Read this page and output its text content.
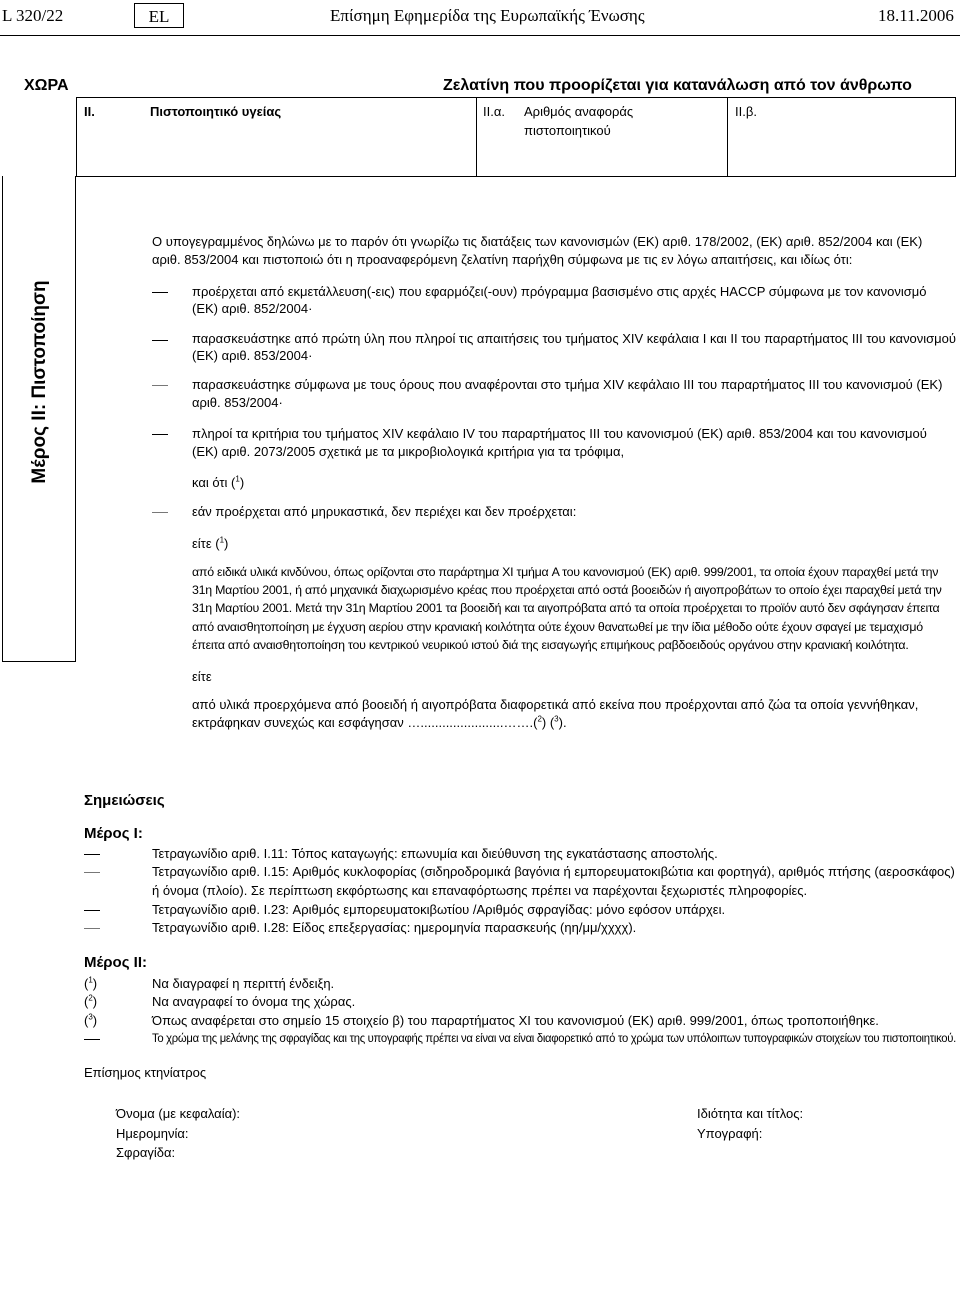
L 320/22	EL	Επίσημη Εφημερίδα της Ευρωπαϊκής Ένωσης	18.11.2006
ΧΩΡΑ	Ζελατίνη που προορίζεται για κατανάλωση από τον άνθρωπο
II.	Πιστοποιητικό υγείας	II.α. Αριθμός αναφοράς
πιστοποιητικού
II.β.
Μέρος II: Πιστοποίηση
Ο υπογεγραμμένος δηλώνω με το παρόν ότι γνωρίζω τις διατάξεις των κανονισμών (ΕΚ) αριθ. 178/2002, (ΕΚ) αριθ. 852/2004 και (ΕΚ)
αριθ. 853/2004 και πιστοποιώ ότι η προαναφερόμενη ζελατίνη παρήχθη σύμφωνα με τις εν λόγω απαιτήσεις, και ιδίως ότι:
προέρχεται από εκμετάλλευση(-εις) που εφαρμόζει(-ουν) πρόγραμμα βασισμένο στις αρχές HACCP σύμφωνα με τον κανονισμό
(ΕΚ) αριθ. 852/2004·
παρασκευάστηκε από πρώτη ύλη που πληροί τις απαιτήσεις του τμήματος XIV κεφάλαια I και II του παραρτήματος III του κανονισμού
(ΕΚ) αριθ. 853/2004·
παρασκευάστηκε σύμφωνα με τους όρους που αναφέρονται στο τμήμα XIV κεφάλαιο III του παραρτήματος III του κανονισμού (ΕΚ)
αριθ. 853/2004·
πληροί τα κριτήρια του τμήματος XIV κεφάλαιο IV του παραρτήματος III του κανονισμού (ΕΚ) αριθ. 853/2004 και του κανονισμού
(ΕΚ) αριθ. 2073/2005 σχετικά με τα μικροβιολογικά κριτήρια για τα τρόφιμα,
και ότι ($^1$)
εάν προέρχεται από μηρυκαστικά, δεν περιέχει και δεν προέρχεται:
είτε ($^1$)
από ειδικά υλικά κινδύνου, όπως ορίζονται στο παράρτημα XI τμήμα A του κανονισμού (ΕΚ) αριθ. 999/2001, τα οποία έχουν παραχθεί μετά την
31η Μαρτίου 2001, ή από μηχανικά διαχωρισμένο κρέας που προέρχεται από οστά βοοειδών ή αιγοπροβάτων το οποίο έχει παραχθεί μετά την
31η Μαρτίου 2001. Μετά την 31η Μαρτίου 2001 τα βοοειδή και τα αιγοπρόβατα από τα οποία προέρχεται το προϊόν αυτό δεν σφάγησαν έπειτα
από αναισθητοποίηση με έγχυση αερίου στην κρανιακή κοιλότητα ούτε έχουν θανατωθεί με την ίδια μέθοδο ούτε έχουν σφαγεί με τεμαχισμό
έπειτα από αναισθητοποίηση του κεντρικού νευρικού ιστού διά της εισαγωγής επιμήκους ραβδοειδούς οργάνου στην κρανιακή κοιλότητα.
είτε
από υλικά προερχόμενα από βοοειδή ή αιγοπρόβατα διαφορετικά από εκείνα που προέρχονται από ζώα τα οποία γεννήθηκαν,
εκτράφηκαν συνεχώς και εσφάγησαν ….......................…….($^2$) ($^3$).
Σημειώσεις
Μέρος I:
Τετραγωνίδιο αριθ. I.11: Τόπος καταγωγής: επωνυμία και διεύθυνση της εγκατάστασης αποστολής.
Τετραγωνίδιο αριθ. I.15: Αριθμός κυκλοφορίας (σιδηροδρομικά βαγόνια ή εμπορευματοκιβώτια και φορτηγά), αριθμός πτήσης (αεροσκάφος)
ή όνομα (πλοίο). Σε περίπτωση εκφόρτωσης και επαναφόρτωσης πρέπει να παρέχονται ξεχωριστές πληροφορίες.
Τετραγωνίδιο αριθ. I.23: Αριθμός εμπορευματοκιβωτίου /Αριθμός σφραγίδας: μόνο εφόσον υπάρχει.
Τετραγωνίδιο αριθ. I.28: Είδος επεξεργασίας: ημερομηνία παρασκευής (ηη/μμ/χχχχ).
Μέρος II:
($^1$)	Να διαγραφεί η περιττή ένδειξη.
($^2$)	Να αναγραφεί το όνομα της χώρας.
($^3$)	Όπως αναφέρεται στο σημείο 15 στοιχείο β) του παραρτήματος XI του κανονισμού (ΕΚ) αριθ. 999/2001, όπως τροποποιήθηκε.
Το χρώμα της μελάνης της σφραγίδας και της υπογραφής πρέπει να είναι να είναι διαφορετικό από το χρώμα των υπόλοιπων τυπογραφικών στοιχείων του πιστοποιητικού.
Επίσημος κτηνίατρος
Όνομα (με κεφαλαία):
Ημερομηνία:
Σφραγίδα:
Ιδιότητα και τίτλος:
Υπογραφή:
